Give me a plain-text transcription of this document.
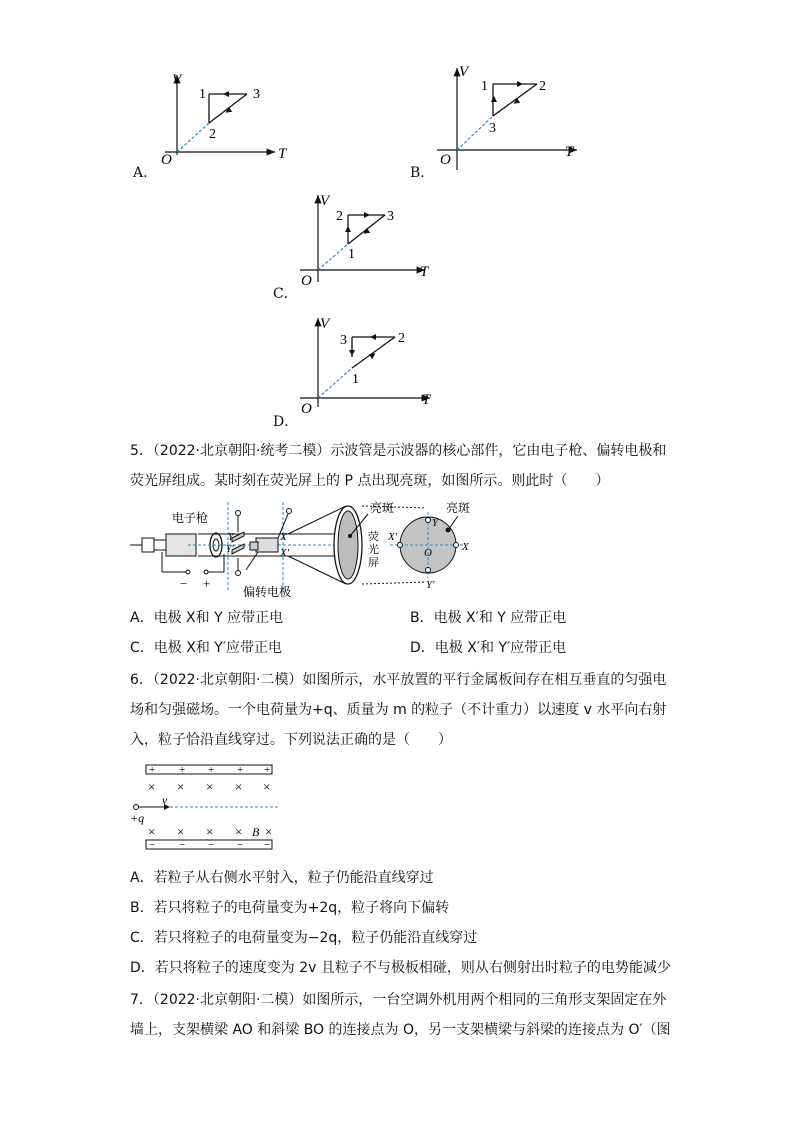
V
T
O
1
2
3
A．
V
T
O
1	2
3
B．
V
T
O
2	3
1
C．
V
T
O
3	2
1
D．
5．（2022·北京朝阳·统考二模）示波管是示波器的核心部件，它由电子枪、偏转电极和
荧光屏组成。某时刻在荧光屏上的 P 点出现亮斑，如图所示。则此时（　　）
− +
电子枪
偏转电极
亮斑	亮斑
荧
光
屏
Y
Y′
X′
X
O
X
X′
Y
Y′
A．电极 X和 Y 应带正电	B．电极 X′和 Y 应带正电
C．电极 X和 Y′应带正电	D．电极 X′和 Y′应带正电
6．（2022·北京朝阳·二模）如图所示，水平放置的平行金属板间存在相互垂直的匀强电
场和匀强磁场。一个电荷量为+q、质量为 m 的粒子（不计重力）以速度 v 水平向右射
入，粒子恰沿直线穿过。下列说法正确的是（　　）
+ + + + +
− − − − −
× × × × ×
× × × × ×
v
+q
B
A．若粒子从右侧水平射入，粒子仍能沿直线穿过
B．若只将粒子的电荷量变为+2q，粒子将向下偏转
C．若只将粒子的电荷量变为−2q，粒子仍能沿直线穿过
D．若只将粒子的速度变为 2v 且粒子不与极板相碰，则从右侧射出时粒子的电势能减少
7．（2022·北京朝阳·二模）如图所示，一台空调外机用两个相同的三角形支架固定在外
墙上，支架横梁 AO 和斜梁 BO 的连接点为 O，另一支架横梁与斜梁的连接点为 O′（图
